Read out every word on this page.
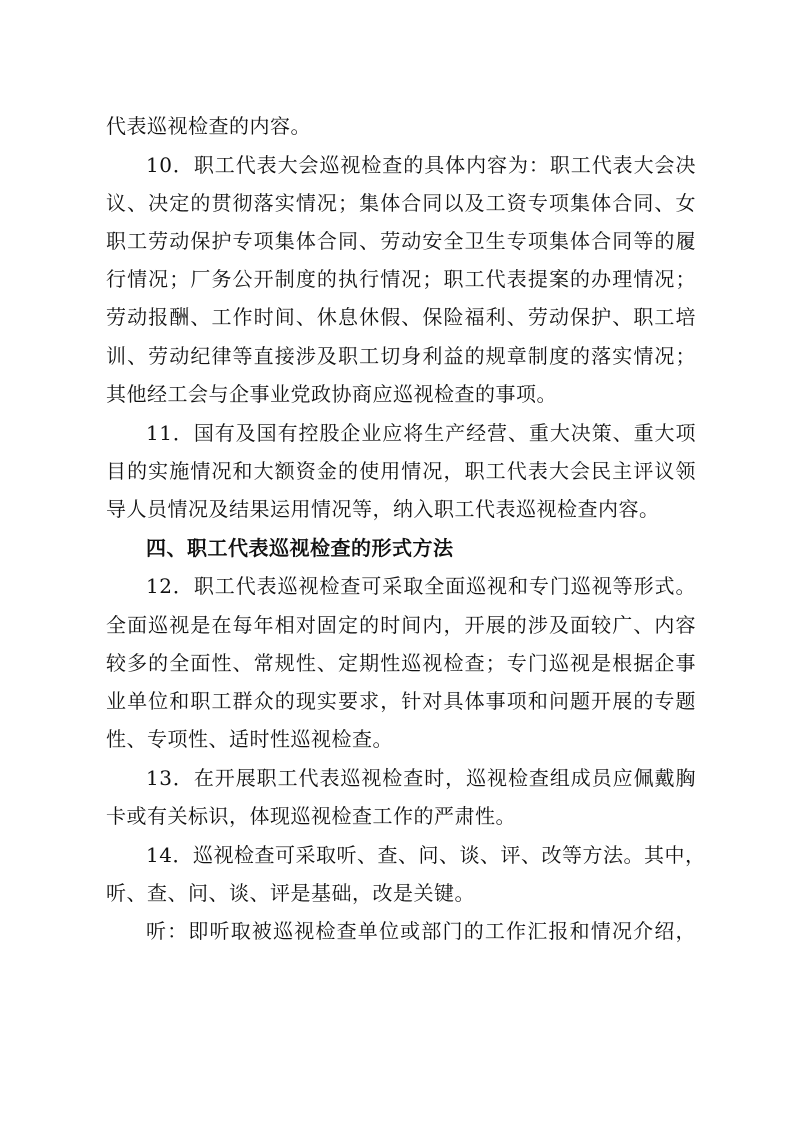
代表巡视检查的内容。
10．职工代表大会巡视检查的具体内容为：职工代表大会决
议、决定的贯彻落实情况；集体合同以及工资专项集体合同、女
职工劳动保护专项集体合同、劳动安全卫生专项集体合同等的履
行情况；厂务公开制度的执行情况；职工代表提案的办理情况；
劳动报酬、工作时间、休息休假、保险福利、劳动保护、职工培
训、劳动纪律等直接涉及职工切身利益的规章制度的落实情况；
其他经工会与企事业党政协商应巡视检查的事项。
11．国有及国有控股企业应将生产经营、重大决策、重大项
目的实施情况和大额资金的使用情况，职工代表大会民主评议领
导人员情况及结果运用情况等，纳入职工代表巡视检查内容。
四、职工代表巡视检查的形式方法
12．职工代表巡视检查可采取全面巡视和专门巡视等形式。
全面巡视是在每年相对固定的时间内，开展的涉及面较广、内容
较多的全面性、常规性、定期性巡视检查；专门巡视是根据企事
业单位和职工群众的现实要求，针对具体事项和问题开展的专题
性、专项性、适时性巡视检查。
13．在开展职工代表巡视检查时，巡视检查组成员应佩戴胸
卡或有关标识，体现巡视检查工作的严肃性。
14．巡视检查可采取听、查、问、谈、评、改等方法。其中，
听、查、问、谈、评是基础，改是关键。
听：即听取被巡视检查单位或部门的工作汇报和情况介绍，
